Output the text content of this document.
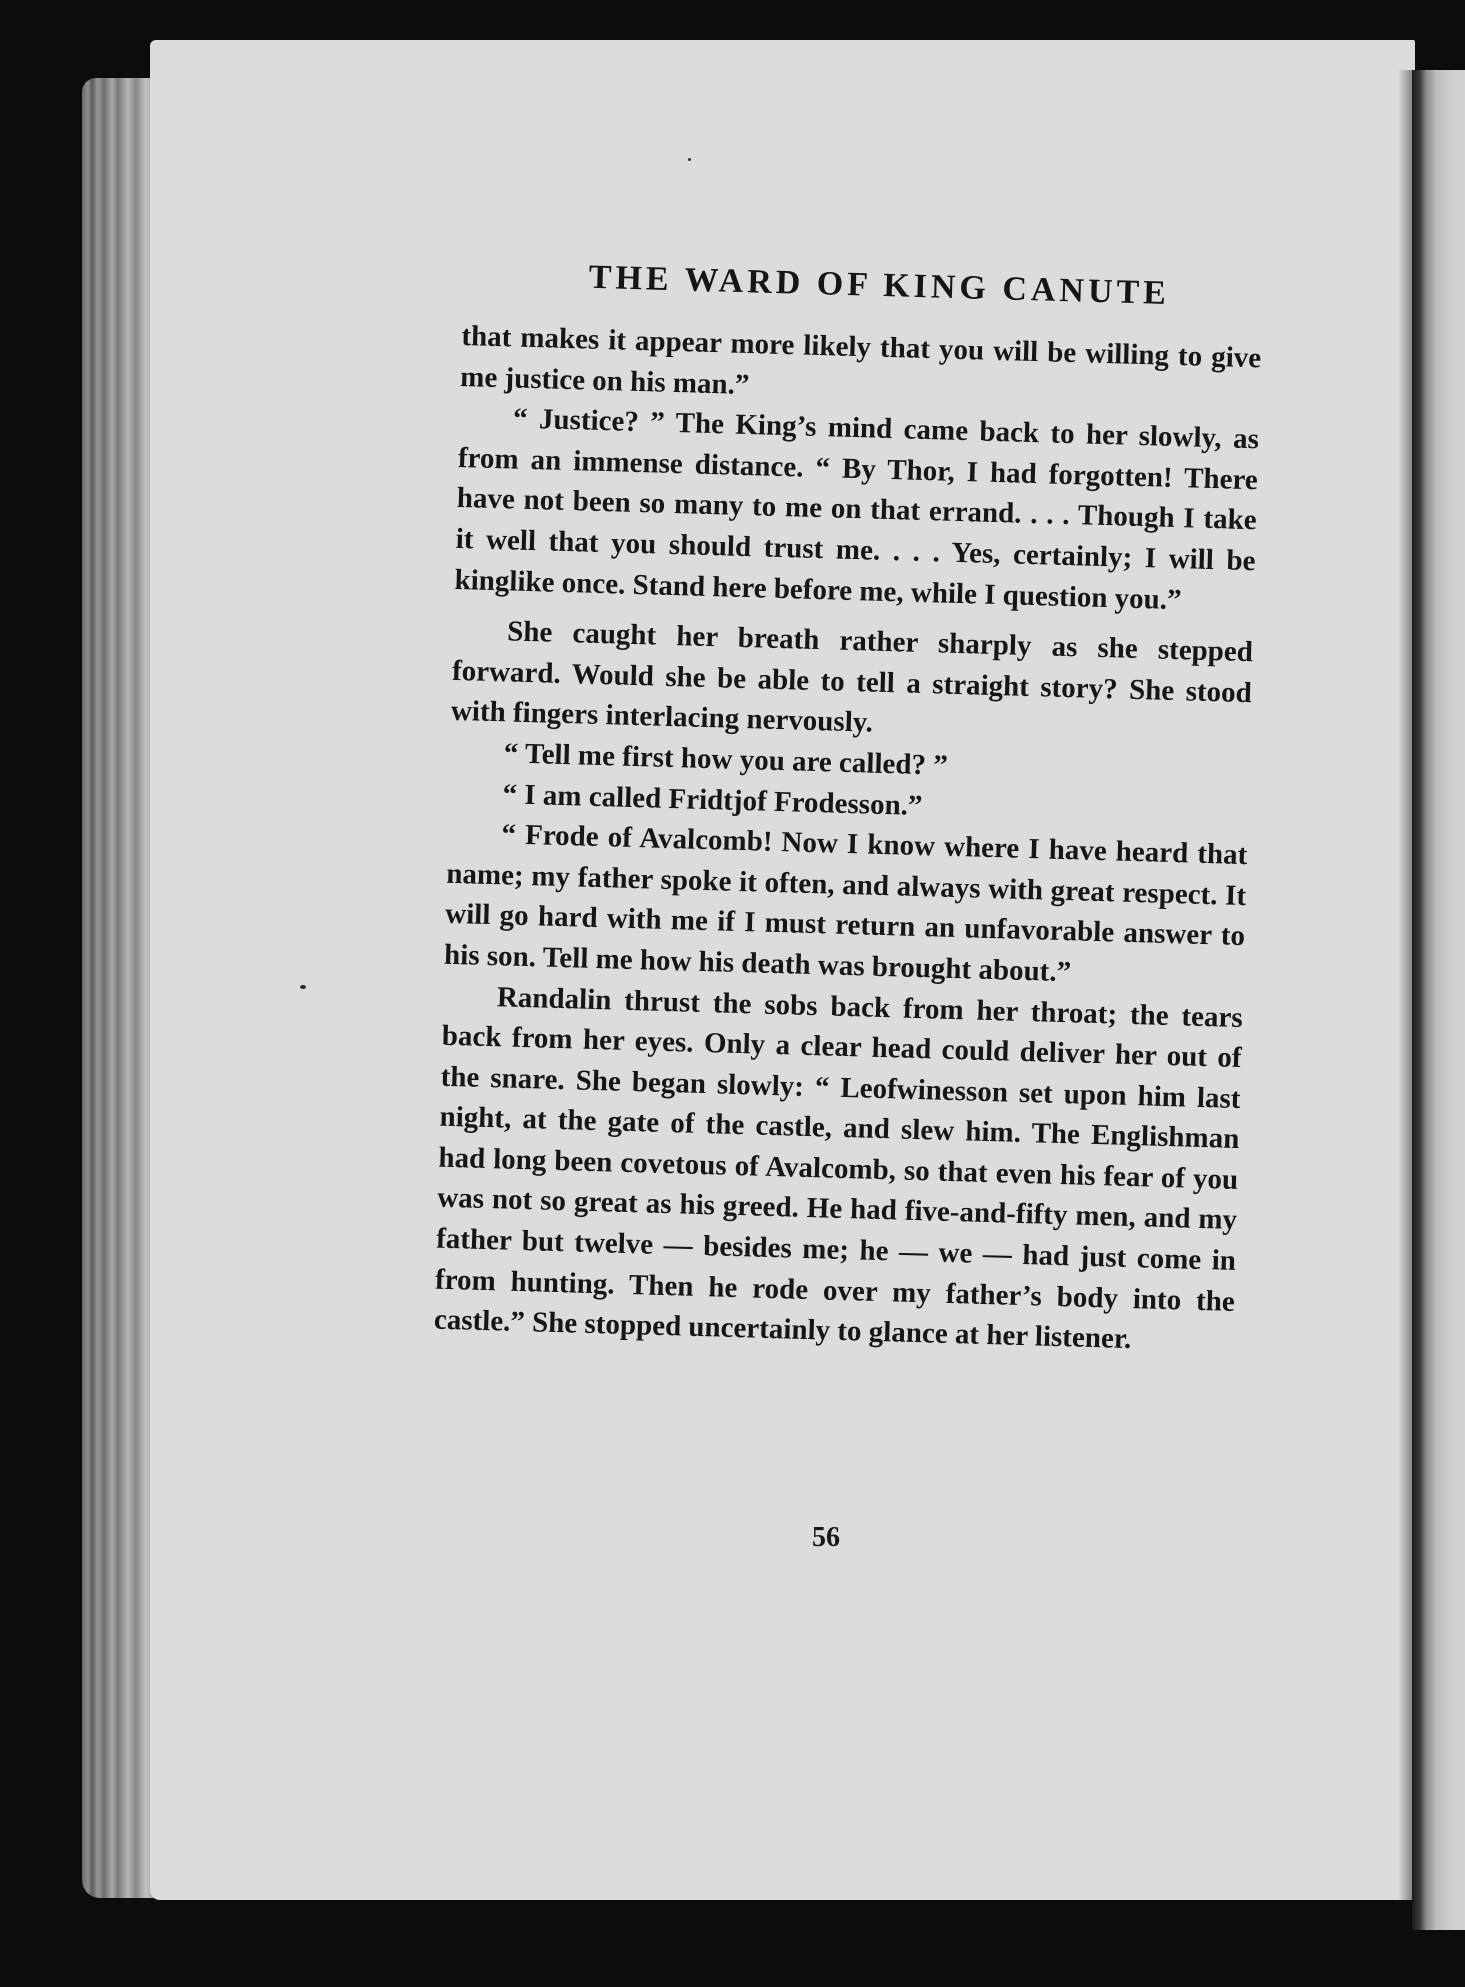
THE WARD OF KING CANUTE

that makes it appear more likely that you will be willing to give me justice on his man.”

“ Justice? ” The King’s mind came back to her slowly, as from an immense distance. “ By Thor, I had forgotten! There have not been so many to me on that errand. . . . Though I take it well that you should trust me. . . . Yes, certainly; I will be kinglike once. Stand here before me, while I question you.”

She caught her breath rather sharply as she stepped forward. Would she be able to tell a straight story? She stood with fingers interlacing nervously.

“ Tell me first how you are called? ”

“ I am called Fridtjof Frodesson.”

“ Frode of Avalcomb! Now I know where I have heard that name; my father spoke it often, and always with great respect. It will go hard with me if I must return an unfavorable answer to his son. Tell me how his death was brought about.”

Randalin thrust the sobs back from her throat; the tears back from her eyes. Only a clear head could deliver her out of the snare. She began slowly: “ Leofwinesson set upon him last night, at the gate of the castle, and slew him. The Englishman had long been covetous of Avalcomb, so that even his fear of you was not so great as his greed. He had five-and-fifty men, and my father but twelve — besides me; he — we — had just come in from hunting. Then he rode over my father’s body into the castle.” She stopped uncertainly to glance at her listener.

56
